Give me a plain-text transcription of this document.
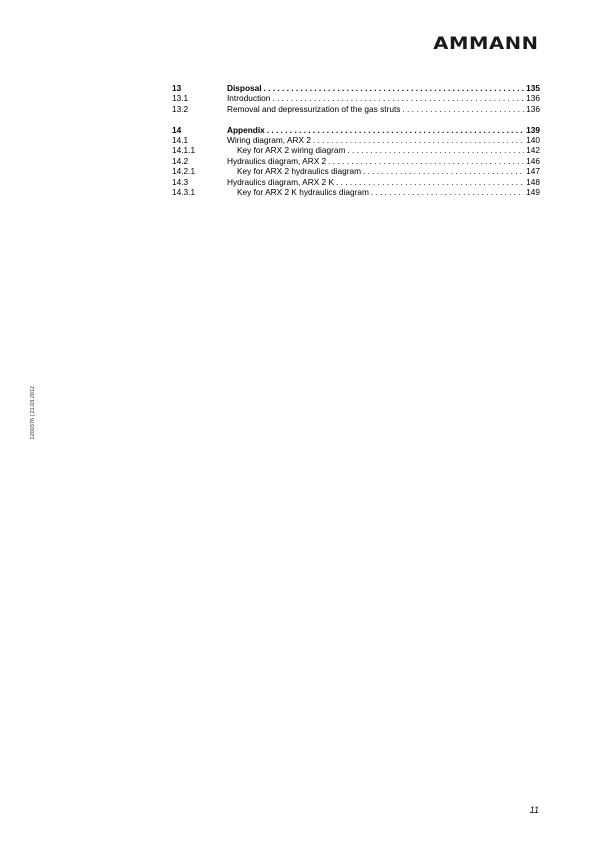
AMMANN
13	Disposal . . .	135
13.1	Introduction . . .	136
13.2	Removal and depressurization of the gas struts . . .	136
14	Appendix . . .	139
14.1	Wiring diagram, ARX 2 . . .	140
14.1.1	Key for ARX 2 wiring diagram . . .	142
14.2	Hydraulics diagram, ARX 2 . . .	146
14.2.1	Key for ARX 2 hydraulics diagram . . .	147
14.3	Hydraulics diagram, ARX 2 K . . .	148
14.3.1	Key for ARX 2 K hydraulics diagram . . .	149
1200376 | 21.03.2012
11
